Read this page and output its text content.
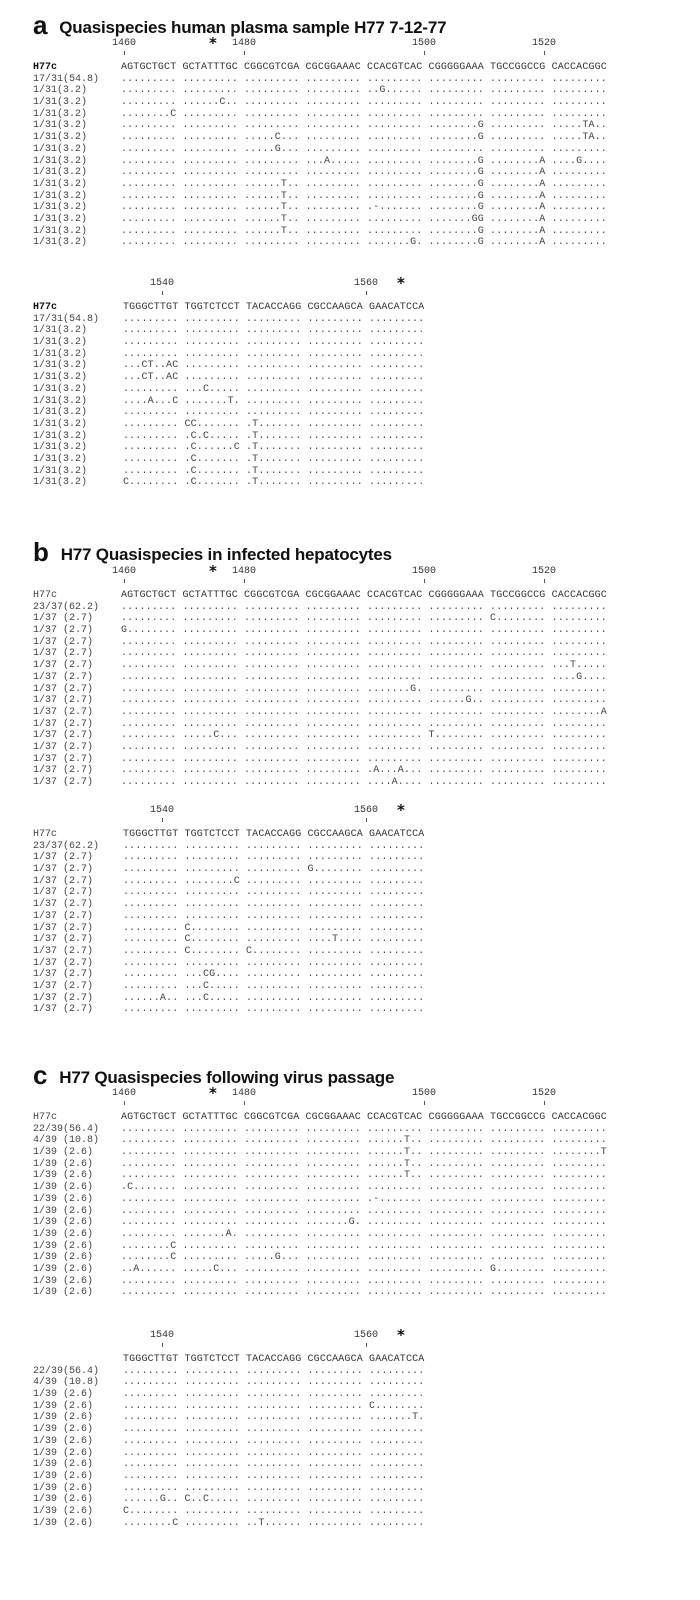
a Quasispecies human plasma sample H77 7-12-77
1460	1480	1500	1520
*
H77c	AGTGCTGCT GCTATTTGC CGGCGTCGA CGCGGAAAC CCACGTCAC CGGGGGAAA TGCCGGCCG CACCACGGC
17/31(54.8)	......... ......... ......... ......... ......... ......... ......... .........
1/31(3.2)	......... ......... ......... ......... ..G...... ......... ......... .........
1/31(3.2)	......... ......C.. ......... ......... ......... ......... ......... .........
1/31(3.2)	........C ......... ......... ......... ......... ......... ......... .........
1/31(3.2)	......... ......... ......... ......... ......... ........G ......... .....TA..
1/31(3.2)	......... ......... .....C... ......... ......... ........G ......... .....TA..
1/31(3.2)	......... ......... .....G... ......... ......... ......... ......... .........
1/31(3.2)	......... ......... ......... ...A..... ......... ........G ........A ....G....
1/31(3.2)	......... ......... ......... ......... ......... ........G ........A .........
1/31(3.2)	......... ......... ......T.. ......... ......... ........G ........A .........
1/31(3.2)	......... ......... ......T.. ......... ......... ........G ........A .........
1/31(3.2)	......... ......... ......T.. ......... .-....... ........G ........A .........
1/31(3.2)	......... ......... ......T.. ......... ......... .......GG ........A .........
1/31(3.2)	......... ......... ......T.. ......... ......... ........G ........A .........
1/31(3.2)	......... ......... ......... ......... .......G. ........G ........A .........
1540	1560 *
H77c	TGGGCTTGT TGGTCTCCT TACACCAGG CGCCAAGCA GAACATCCA
17/31(54.8)	......... ......... ......... ......... .........
1/31(3.2)	......... ......... ......... ......... .........
1/31(3.2)	......... ......... ......... ......... .........
1/31(3.2)	......... ......... ......... ......... .........
1/31(3.2)	...CT..AC ......... ......... ......... .........
1/31(3.2)	...CT..AC ......... ......... ......... .........
1/31(3.2)	......... ...C..... ......... ......... .........
1/31(3.2)	....A...C .......T. ......... ......... .........
1/31(3.2)	......... ......... ......... ......... .........
1/31(3.2)	......... CC....... .T....... ......... .........
1/31(3.2)	......... .C.C..... .T....... ......... .........
1/31(3.2)	......... .C......C .T....... ......... .........
1/31(3.2)	......... .C....... .T....... ......... .........
1/31(3.2)	......... .C....... .T....... ......... .........
1/31(3.2)	C........ .C....... .T....... ......... .........
b H77 Quasispecies in infected hepatocytes
1460	1480	1500	1520
*
H77c	AGTGCTGCT GCTATTTGC CGGCGTCGA CGCGGAAAC CCACGTCAC CGGGGGAAA TGCCGGCCG CACCACGGC
23/37(62.2)	......... ......... ......... ......... ......... ......... ......... .........
1/37 (2.7)	......... ......... ......... ......... ......... ......... C........ .........
1/37 (2.7)	G........ ......... ......... ......... ......... ......... ......... .........
1/37 (2.7)	......... ......... ......... ......... ......... ......... ......... .........
1/37 (2.7)	......... ......... ......... ......... ......... ......... ......... .........
1/37 (2.7)	......... ......... ......... ......... ......... ......... ......... ...T.....
1/37 (2.7)	......... ......... ......... ......... ......... ......... ......... ....G....
1/37 (2.7)	......... ......... ......... ......... .......G. ......... ......... .........
1/37 (2.7)	......... ......... ......... ......... ......... ......G.. ......... .........
1/37 (2.7)	......... ......... ......... ......... ......... ......... ......... ........A
1/37 (2.7)	......... ......... ......... ......... ......... ......... ......... .........
1/37 (2.7)	......... .....C... ......... ......... ......... T........ ......... .........
1/37 (2.7)	......... ......... ......... ......... ......... ......... ......... .........
1/37 (2.7)	......... ......... ......... ......... ......... ......... ......... .........
1/37 (2.7)	......... ......... ......... ......... .A...A... ......... ......... .........
1/37 (2.7)	......... ......... ......... ......... ....A.... ......... ......... .........
1540	1560 *
H77c	TGGGCTTGT TGGTCTCCT TACACCAGG CGCCAAGCA GAACATCCA
23/37(62.2)	......... ......... ......... ......... .........
1/37 (2.7)	......... ......... ......... ......... .........
1/37 (2.7)	......... ......... ......... G........ .........
1/37 (2.7)	......... ........C ......... ......... .........
1/37 (2.7)	......... ......... ......... ......... .........
1/37 (2.7)	......... ......... ......... ......... .........
1/37 (2.7)	......... ......... ......... ......... .........
1/37 (2.7)	......... C........ ......... ......... .........
1/37 (2.7)	......... C........ ......... ....T.... .........
1/37 (2.7)	......... C........ C........ ......... .........
1/37 (2.7)	......... ......... ......... ......... .........
1/37 (2.7)	......... ...CG.... ......... ......... .........
1/37 (2.7)	......... ...C..... ......... ......... .........
1/37 (2.7)	......A.. ...C..... ......... ......... .........
1/37 (2.7)	......... ......... ......... ......... .........
c H77 Quasispecies following virus passage
1460	1480	1500	1520
*
H77c	AGTGCTGCT GCTATTTGC CGGCGTCGA CGCGGAAAC CCACGTCAC CGGGGGAAA TGCCGGCCG CACCACGGC
22/39(56.4)	......... ......... ......... ......... ......... ......... ......... .........
4/39 (10.8)	......... ......... ......... ......... ......T.. ......... ......... .........
1/39 (2.6)	......... ......... ......... ......... ......T.. ......... ......... ........T
1/39 (2.6)	......... ......... ......... ......... ......T.. ......... ......... .........
1/39 (2.6)	......... ......... ......... ......... ......T.. ......... ......... .........
1/39 (2.6)	.C....... ......... ......... ......... ......... ......... ......... .........
1/39 (2.6)	......... ......... ......... ......... .-....... ......... ......... .........
1/39 (2.6)	......... ......... ......... ......... ......... ......... ......... .........
1/39 (2.6)	......... ......... ......... .......G. ......... ......... ......... .........
1/39 (2.6)	......... .......A. ......... ......... ......... ......... ......... .........
1/39 (2.6)	........C ......... ......... ......... ......... ......... ......... .........
1/39 (2.6)	........C ......... .....G... ......... ......... ......... ......... .........
1/39 (2.6)	..A...... .....C... ......... ......... ......... ......... G........ .........
1/39 (2.6)	......... ......... ......... ......... ......... ......... ......... .........
1/39 (2.6)	......... ......... ......... ......... ......... ......... ......... .........
1540	1560 *
TGGGCTTGT TGGTCTCCT TACACCAGG CGCCAAGCA GAACATCCA
22/39(56.4)	......... ......... ......... ......... .........
4/39 (10.8)	......... ......... ......... ......... .........
1/39 (2.6)	......... ......... ......... ......... .........
1/39 (2.6)	......... ......... ......... ......... C........
1/39 (2.6)	......... ......... ......... ......... .......T.
1/39 (2.6)	......... ......... ......... ......... .........
1/39 (2.6)	......... ......... ......... ......... .........
1/39 (2.6)	......... ......... ......... ......... .........
1/39 (2.6)	......... ......... ......... ......... .........
1/39 (2.6)	......... ......... ......... ......... .........
1/39 (2.6)	......... ......... ......... ......... .........
1/39 (2.6)	......G.. C..C..... ......... ......... .........
1/39 (2.6)	C........ ......... ......... ......... .........
1/39 (2.6)	........C ......... ..T...... ......... .........
